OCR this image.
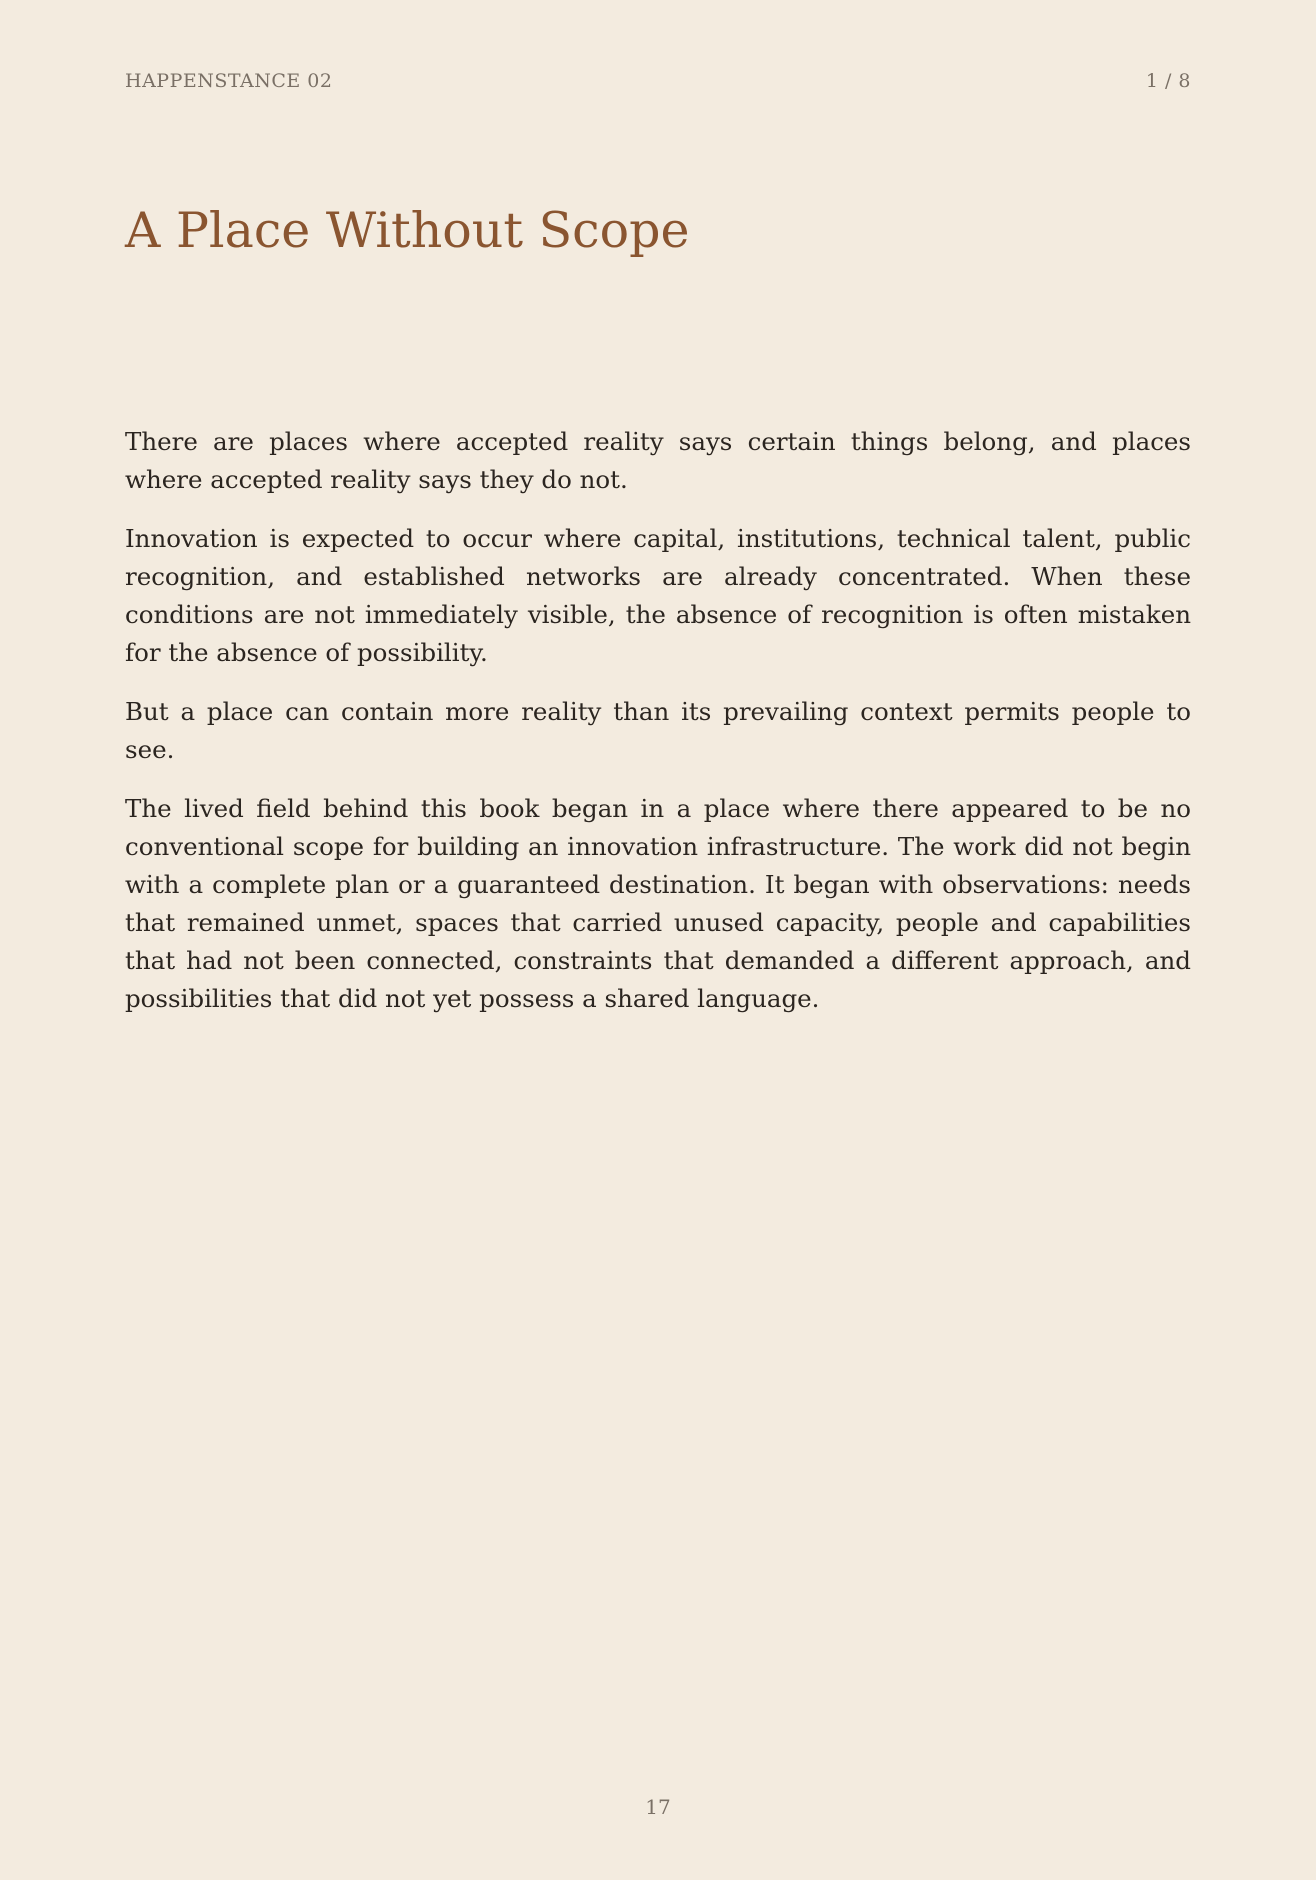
HAPPENSTANCE 02	1 / 8
A Place Without Scope

There are places where accepted reality says certain things belong, and places where accepted reality says they do not.

Innovation is expected to occur where capital, institutions, technical talent, public recognition, and established networks are already concentrated. When these conditions are not immediately visible, the absence of recognition is often mistaken for the absence of possibility.

But a place can contain more reality than its prevailing context permits people to see.

The lived field behind this book began in a place where there appeared to be no conventional scope for building an innovation infrastructure. The work did not begin with a complete plan or a guaranteed destination. It began with observations: needs that remained unmet, spaces that carried unused capacity, people and capabilities that had not been connected, constraints that demanded a different approach, and possibilities that did not yet possess a shared language.

17
